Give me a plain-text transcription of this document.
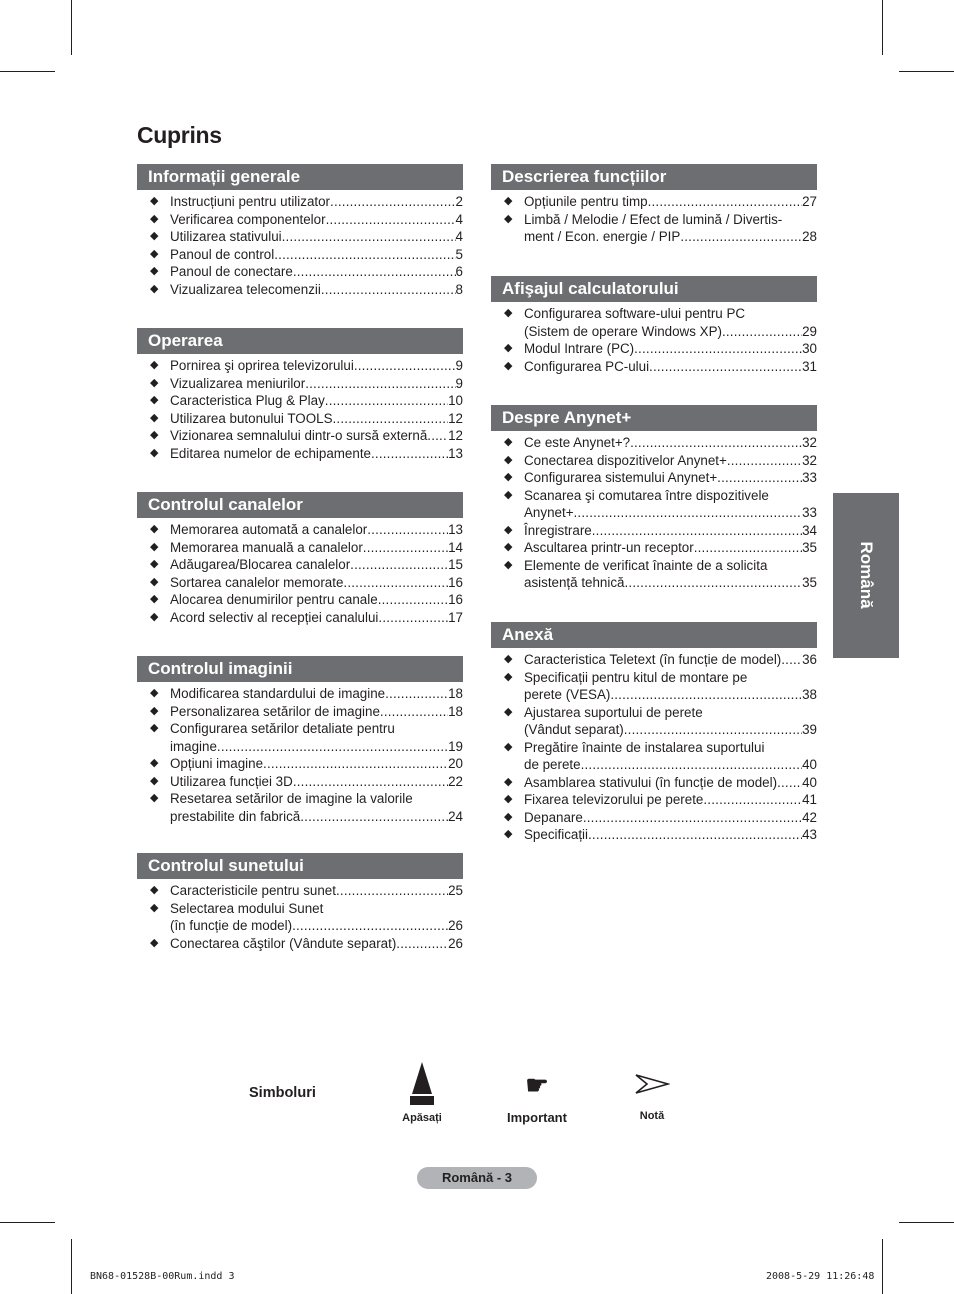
Cuprins
Informații generale
◆ Instrucțiuni pentru utilizator .....	2
◆ Verificarea componentelor .....	4
◆ Utilizarea stativului .....	4
◆ Panoul de control .....	5
◆ Panoul de conectare .....	6
◆ Vizualizarea telecomenzii .....	8
Operarea
◆ Pornirea şi oprirea televizorului .....	9
◆ Vizualizarea meniurilor .....	9
◆ Caracteristica Plug & Play .....	10
◆ Utilizarea butonului TOOLS .....	12
◆ Vizionarea semnalului dintr-o sursă externă ..... 12
◆ Editarea numelor de echipamente .....	13
Controlul canalelor
◆ Memorarea automată a canalelor .....	13
◆ Memorarea manuală a canalelor .....	14
◆ Adăugarea/Blocarea canalelor .....	15
◆ Sortarea canalelor memorate .....	16
◆ Alocarea denumirilor pentru canale .....	16
◆ Acord selectiv al recepției canalului .....	17
Controlul imaginii
◆ Modificarea standardului de imagine .....	18
◆ Personalizarea setărilor de imagine .....	18
◆ Configurarea setărilor detaliate pentru
imagine .....	19
◆ Opțiuni imagine .....	20
◆ Utilizarea funcției 3D .....	22
◆ Resetarea setărilor de imagine la valorile
prestabilite din fabrică .....	24
Controlul sunetului
◆ Caracteristicile pentru sunet .....	25
◆ Selectarea modului Sunet
(în funcție de model) .....	26
◆ Conectarea căştilor (Vândute separat) .....	26
Descrierea funcțiilor
◆ Opțiunile pentru timp .....	27
◆ Limbă / Melodie / Efect de lumină / Divertis-
ment / Econ. energie / PIP .....	28
Afişajul calculatorului
◆ Configurarea software-ului pentru PC
(Sistem de operare Windows XP) .....	29
◆ Modul Intrare (PC) .....	30
◆ Configurarea PC-ului .....	31
Despre Anynet+
◆ Ce este Anynet+? .....	32
◆ Conectarea dispozitivelor Anynet+ .....	32
◆ Configurarea sistemului Anynet+ .....	33
◆ Scanarea şi comutarea între dispozitivele
Anynet+ .....	33
◆ Înregistrare .....	34
◆ Ascultarea printr-un receptor .....	35
◆ Elemente de verificat înainte de a solicita
asistență tehnică .....	35
Anexă
◆ Caracteristica Teletext (în funcție de model) ..... 36
◆ Specificații pentru kitul de montare pe
perete (VESA) .....	38
◆ Ajustarea suportului de perete
(Vândut separat) .....	39
◆ Pregătire înainte de instalarea suportului
de perete .....	40
◆ Asamblarea stativului (în funcție de model) ..... 40
◆ Fixarea televizorului pe perete .....	41
◆ Depanare .....	42
◆ Specificații .....	43
Română
Simboluri
Apăsați
☛
Important	Notă
Română - 3
BN68-01528B-00Rum.indd 3	2008-5-29 11:26:48
